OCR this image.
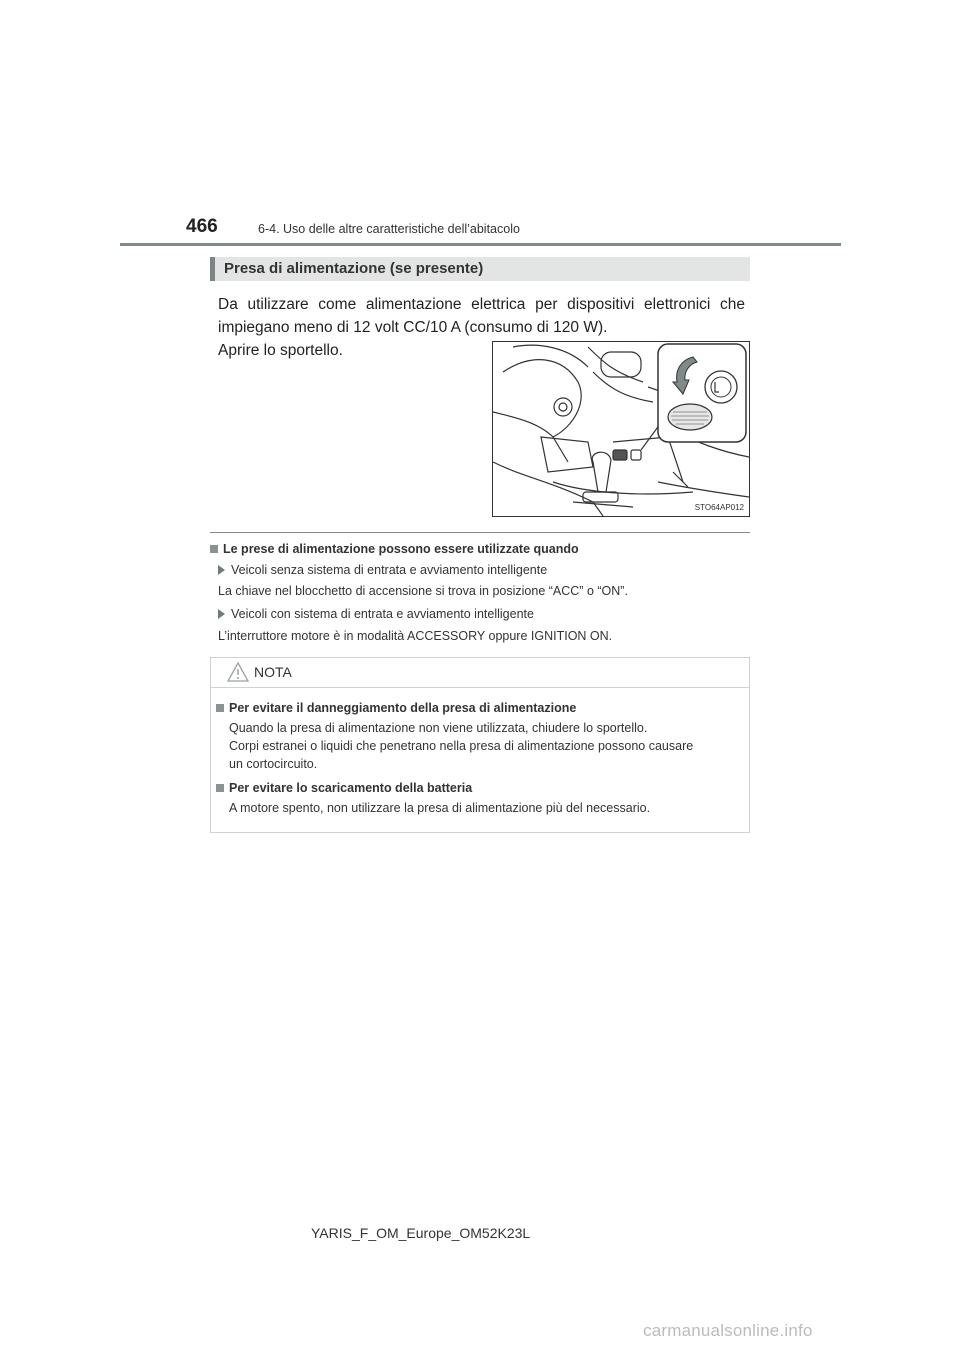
466	6-4. Uso delle altre caratteristiche dell’abitacolo
Presa di alimentazione (se presente)
Da utilizzare come alimentazione elettrica per dispositivi elettronici che impiegano meno di 12 volt CC/10 A (consumo di 120 W).
Aprire lo sportello.
STO64AP012
Le prese di alimentazione possono essere utilizzate quando
Veicoli senza sistema di entrata e avviamento intelligente
La chiave nel blocchetto di accensione si trova in posizione “ACC” o “ON”.
Veicoli con sistema di entrata e avviamento intelligente
L’interruttore motore è in modalità ACCESSORY oppure IGNITION ON.
NOTA
Per evitare il danneggiamento della presa di alimentazione
Quando la presa di alimentazione non viene utilizzata, chiudere lo sportello.
Corpi estranei o liquidi che penetrano nella presa di alimentazione possono causare
un cortocircuito.
Per evitare lo scaricamento della batteria
A motore spento, non utilizzare la presa di alimentazione più del necessario.
YARIS_F_OM_Europe_OM52K23L
carmanualsonline.info
